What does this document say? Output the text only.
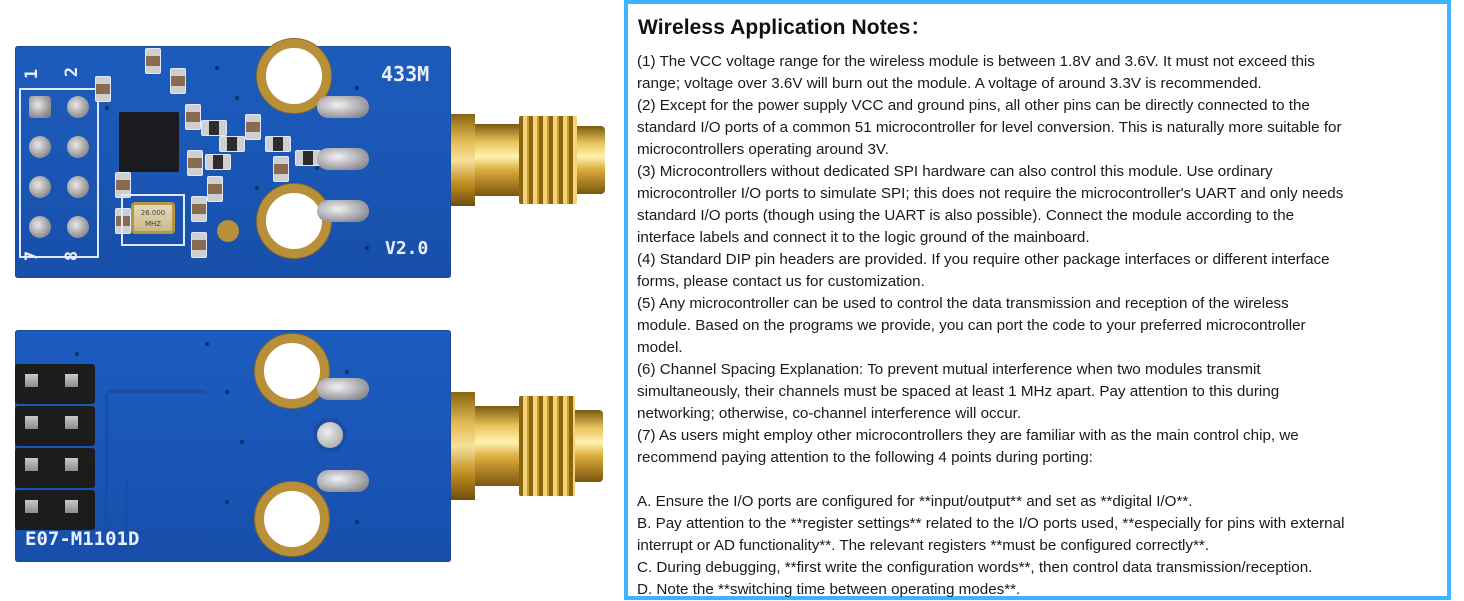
1 2
7 8
26.000
MHZ
433M
V2.0
E07-M1101D
Wireless Application Notes：
(1) The VCC voltage range for the wireless module is between 1.8V and 3.6V. It must not exceed this
range; voltage over 3.6V will burn out the module. A voltage of around 3.3V is recommended.
(2) Except for the power supply VCC and ground pins, all other pins can be directly connected to the
standard I/O ports of a common 51 microcontroller for level conversion. This is naturally more suitable for
microcontrollers operating around 3V.
(3) Microcontrollers without dedicated SPI hardware can also control this module. Use ordinary
microcontroller I/O ports to simulate SPI; this does not require the microcontroller's UART and only needs
standard I/O ports (though using the UART is also possible). Connect the module according to the
interface labels and connect it to the logic ground of the mainboard.
(4) Standard DIP pin headers are provided. If you require other package interfaces or different interface
forms, please contact us for customization.
(5) Any microcontroller can be used to control the data transmission and reception of the wireless
module. Based on the programs we provide, you can port the code to your preferred microcontroller
model.
(6) Channel Spacing Explanation: To prevent mutual interference when two modules transmit
simultaneously, their channels must be spaced at least 1 MHz apart. Pay attention to this during
networking; otherwise, co-channel interference will occur.
(7) As users might employ other microcontrollers they are familiar with as the main control chip, we
recommend paying attention to the following 4 points during porting:
A. Ensure the I/O ports are configured for **input/output** and set as **digital I/O**.
B. Pay attention to the **register settings** related to the I/O ports used, **especially for pins with external
interrupt or AD functionality**. The relevant registers **must be configured correctly**.
C. During debugging, **first write the configuration words**, then control data transmission/reception.
D. Note the **switching time between operating modes**.
